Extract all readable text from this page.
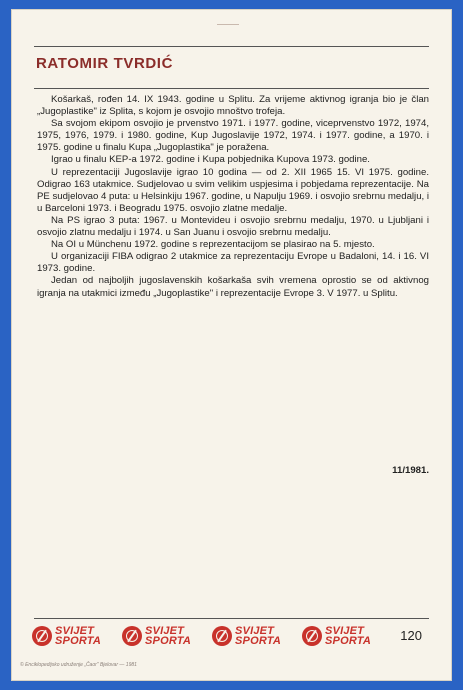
RATOMIR TVRDIĆ

Košarkaš, rođen 14. IX 1943. godine u Splitu. Za vrijeme aktivnog igranja bio je član „Jugoplastike" iz Splita, s kojom je osvojio mnoštvo trofeja.

Sa svojom ekipom osvojio je prvenstvo 1971. i 1977. godine, viceprvenstvo 1972, 1974, 1975, 1976, 1979. i 1980. godine, Kup Jugoslavije 1972, 1974. i 1977. godine, a 1970. i 1975. godine u finalu Kupa „Jugoplastika" je poražena.

Igrao u finalu KEP-a 1972. godine i Kupa pobjednika Kupova 1973. godine.

U reprezentaciji Jugoslavije igrao 10 godina — od 2. XII 1965 15. VI 1975. godine. Odigrao 163 utakmice. Sudjelovao u svim velikim uspjesima i pobjedama reprezentacije. Na PE sudjelovao 4 puta: u Helsinkiju 1967. godine, u Napulju 1969. i osvojio srebrnu medalju, i u Barceloni 1973. i Beogradu 1975. osvojio zlatne medalje.

Na PS igrao 3 puta: 1967. u Montevideu i osvojio srebrnu medalju, 1970. u Ljubljani i osvojio zlatnu medalju i 1974. u San Juanu i osvojio srebrnu medalju.

Na OI u Münchenu 1972. godine s reprezentacijom se plasirao na 5. mjesto.

U organizaciji FIBA odigrao 2 utakmice za reprezentaciju Evrope u Badaloni, 14. i 16. VI 1973. godine.

Jedan od najboljih jugoslavenskih košarkaša svih vremena oprostio se od aktivnog igranja na utakmici između „Jugoplastike" i reprezentacije Evrope 3. V 1977. u Splitu.

11/1981.
SVIJET
SPORTA
SVIJET
SPORTA
SVIJET
SPORTA
SVIJET
SPORTA 120
© Enciklopedijsko udruženje „Čaor" Bjelovar — 1981
